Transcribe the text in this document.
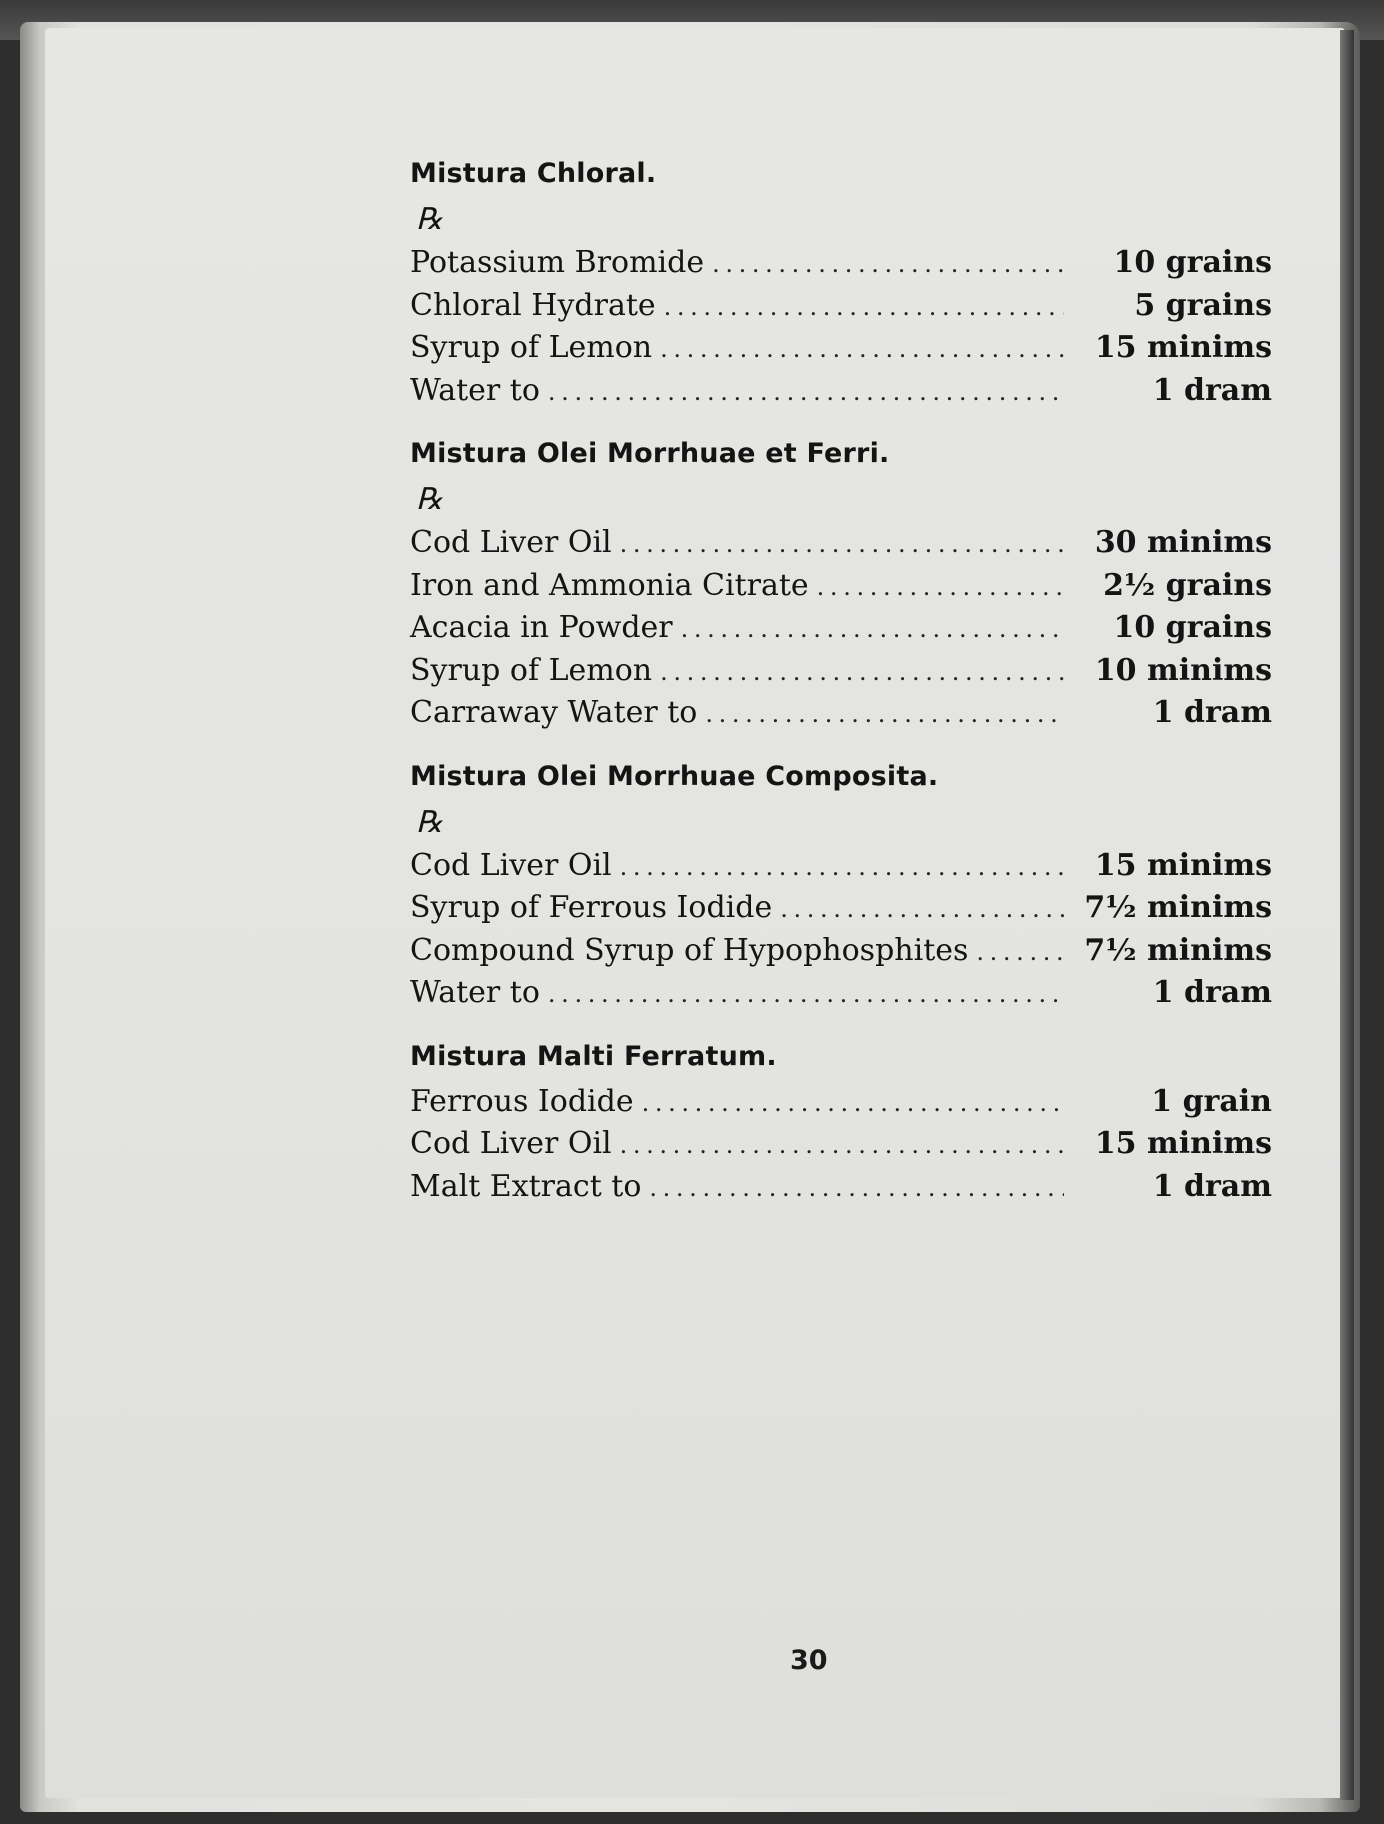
Mistura Chloral.
℞
Potassium Bromide . . .	10 grains
Chloral Hydrate . . .	5 grains
Syrup of Lemon . . .	15 minims
Water to . . .	1 dram
Mistura Olei Morrhuae et Ferri.
℞
Cod Liver Oil . . .	30 minims
Iron and Ammonia Citrate . . .	2½ grains
Acacia in Powder . . .	10 grains
Syrup of Lemon . . .	10 minims
Carraway Water to . . .	1 dram
Mistura Olei Morrhuae Composita.
℞
Cod Liver Oil . . .	15 minims
Syrup of Ferrous Iodide . . .	7½ minims
Compound Syrup of Hypophosphites . . .	7½ minims
Water to . . .	1 dram
Mistura Malti Ferratum.
Ferrous Iodide . . .	1 grain
Cod Liver Oil . . .	15 minims
Malt Extract to . . .	1 dram
30
